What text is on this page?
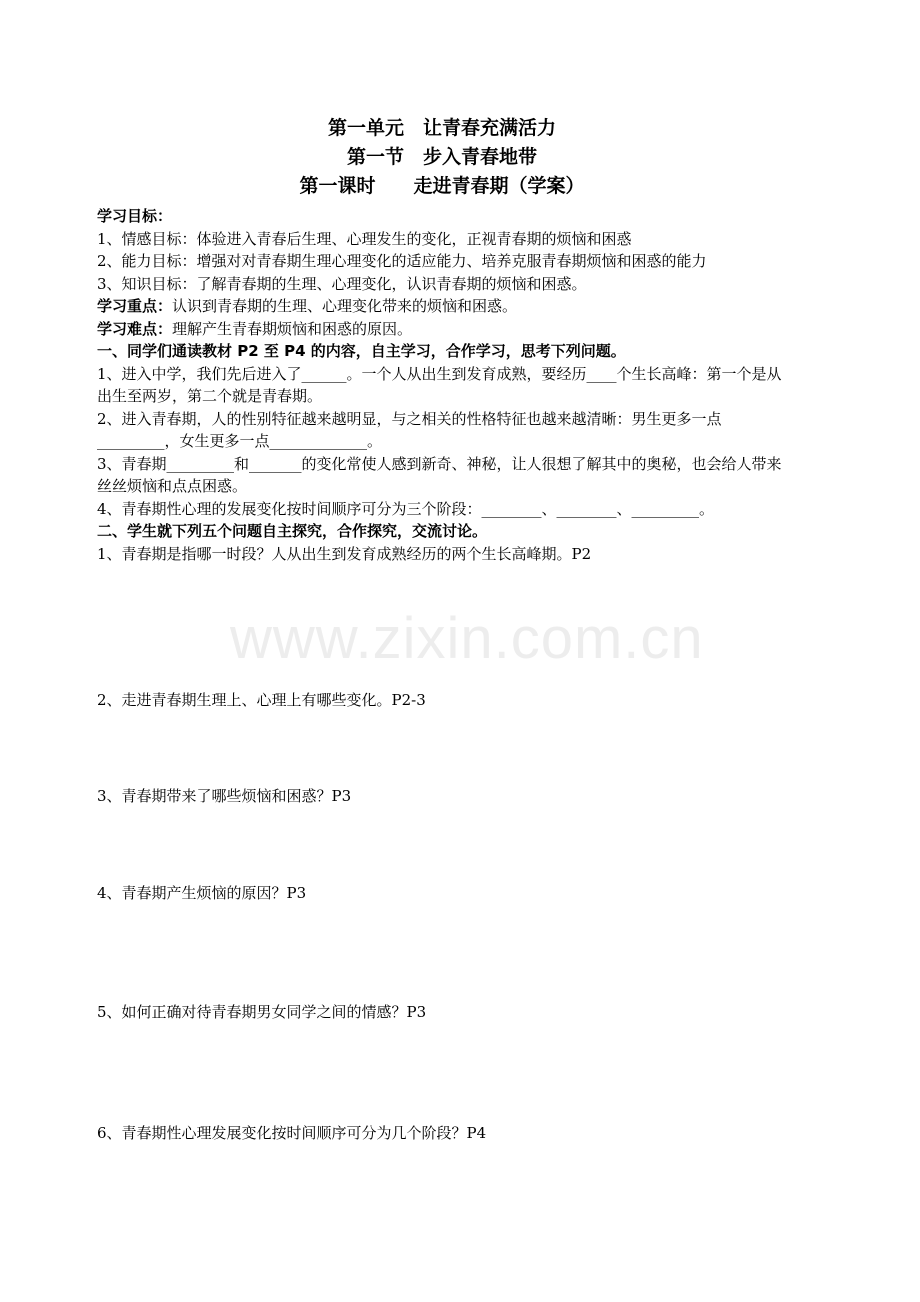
www.zixin.com.cn
第一单元　让青春充满活力
第一节　步入青春地带
第一课时　　走进青春期（学案）
学习目标：
1、情感目标：体验进入青春后生理、心理发生的变化，正视青春期的烦恼和困惑
2、能力目标：增强对对青春期生理心理变化的适应能力、培养克服青春期烦恼和困惑的能力
3、知识目标：了解青春期的生理、心理变化，认识青春期的烦恼和困惑。
学习重点：认识到青春期的生理、心理变化带来的烦恼和困惑。
学习难点：理解产生青春期烦恼和困惑的原因。
一、同学们通读教材 P2 至 P4 的内容，自主学习，合作学习，思考下列问题。
1、进入中学，我们先后进入了______。一个人从出生到发育成熟，要经历____个生长高峰：第一个是从出生至两岁，第二个就是青春期。
2、进入青春期，人的性别特征越来越明显，与之相关的性格特征也越来越清晰：男生更多一点_________，女生更多一点_____________。
3、青春期_________和_______的变化常使人感到新奇、神秘，让人很想了解其中的奥秘，也会给人带来丝丝烦恼和点点困惑。
4、青春期性心理的发展变化按时间顺序可分为三个阶段：________、________、_________。
二、学生就下列五个问题自主探究，合作探究，交流讨论。
1、青春期是指哪一时段？人从出生到发育成熟经历的两个生长高峰期。P2
2、走进青春期生理上、心理上有哪些变化。P2-3
3、青春期带来了哪些烦恼和困惑？P3
4、青春期产生烦恼的原因？P3
5、如何正确对待青春期男女同学之间的情感？P3
6、青春期性心理发展变化按时间顺序可分为几个阶段？P4
